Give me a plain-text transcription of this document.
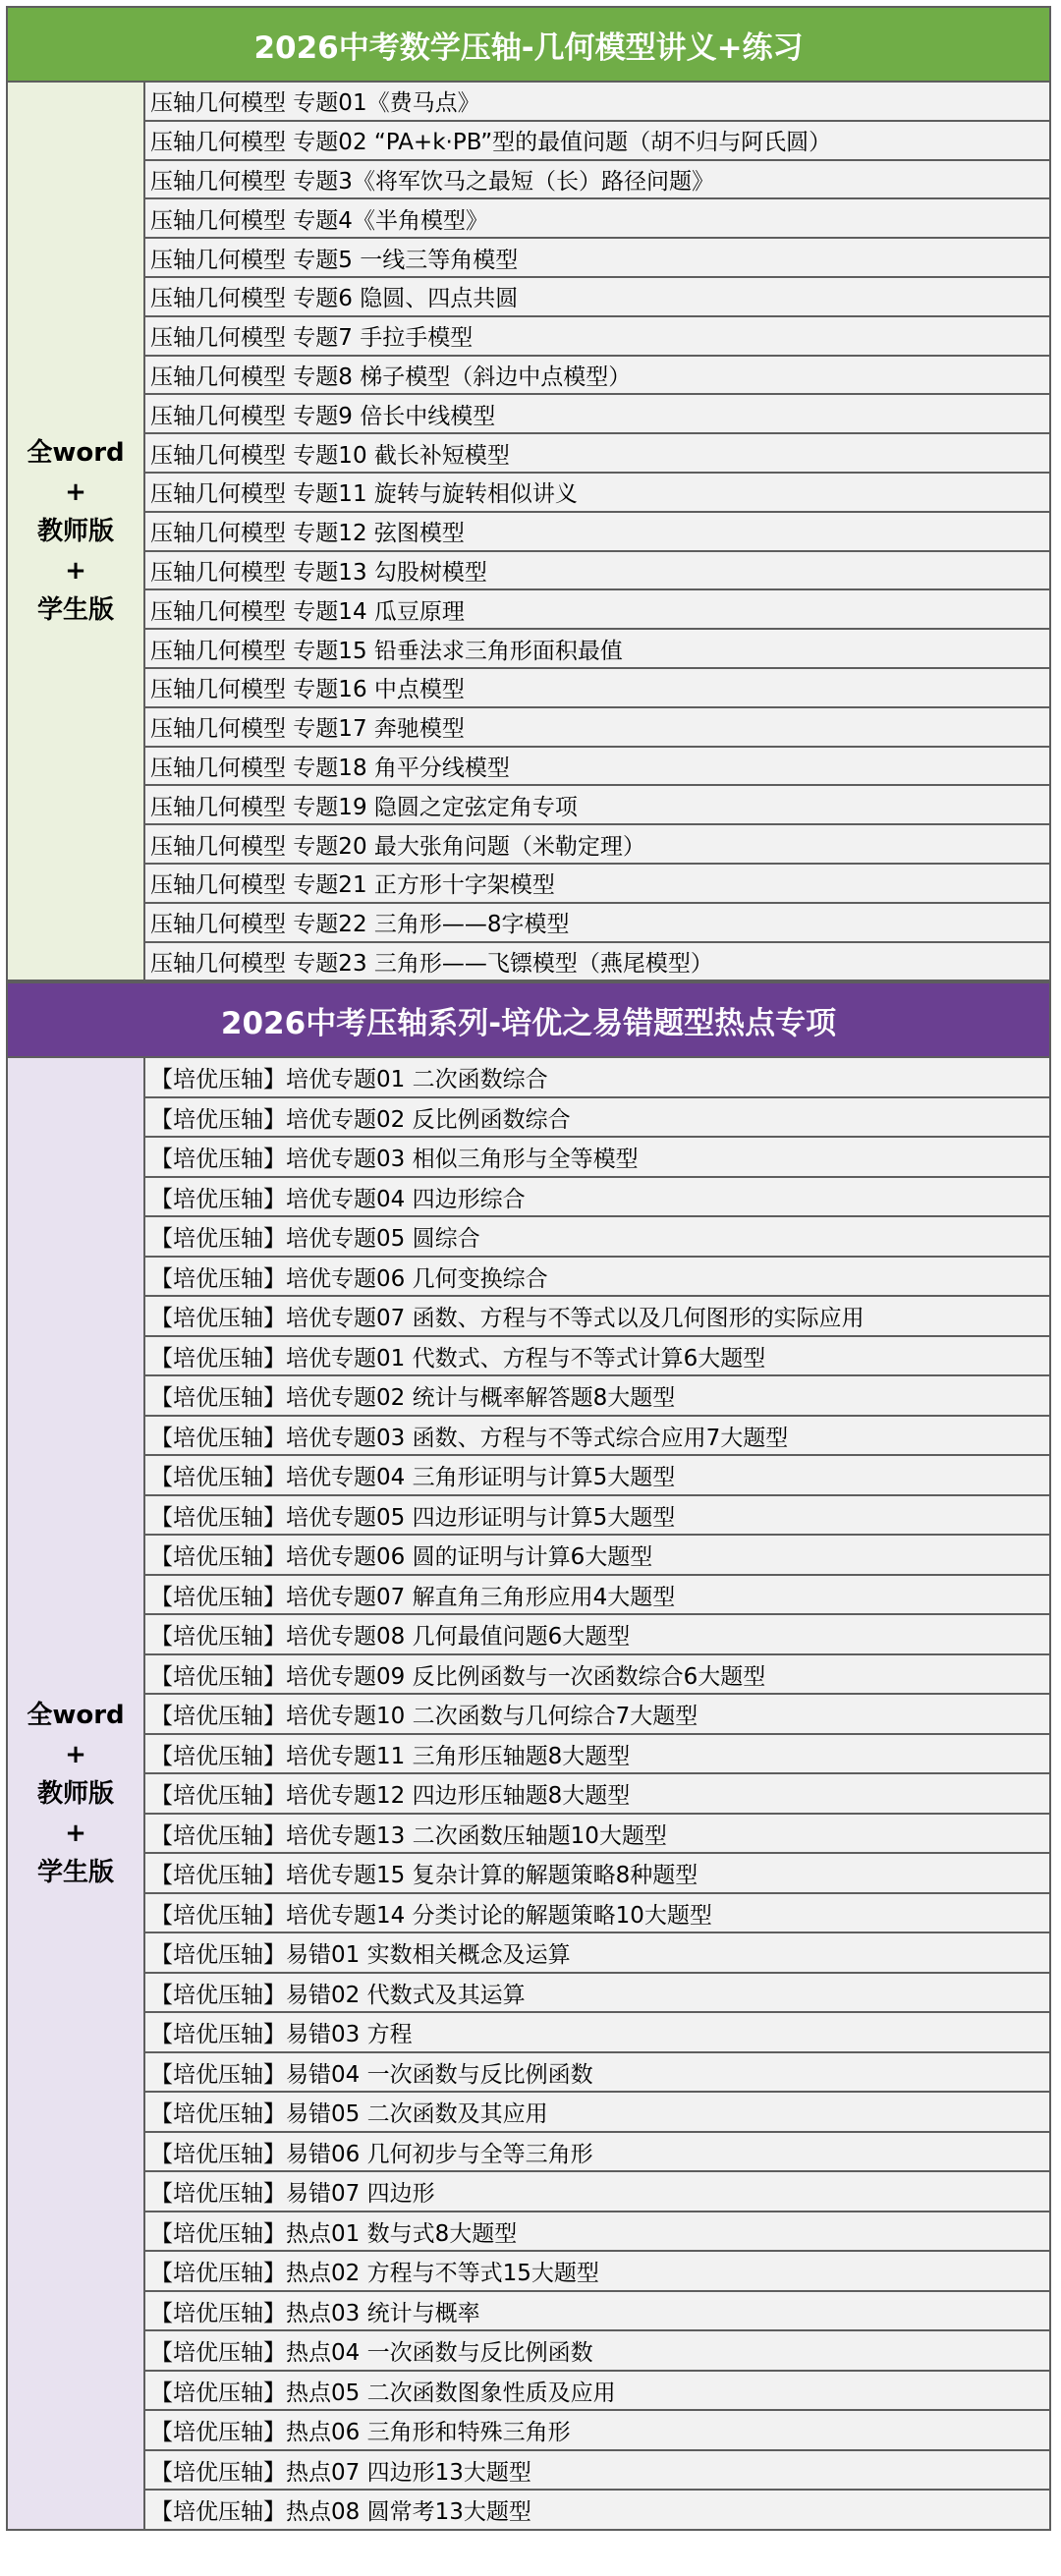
2026中考数学压轴-几何模型讲义+练习
全word
+
教师版
+
学生版
压轴几何模型 专题01《费马点》
压轴几何模型 专题02 “PA+k·PB”型的最值问题（胡不归与阿氏圆）
压轴几何模型 专题3《将军饮马之最短（长）路径问题》
压轴几何模型 专题4《半角模型》
压轴几何模型 专题5 一线三等角模型
压轴几何模型 专题6 隐圆、四点共圆
压轴几何模型 专题7 手拉手模型
压轴几何模型 专题8 梯子模型（斜边中点模型）
压轴几何模型 专题9 倍长中线模型
压轴几何模型 专题10 截长补短模型
压轴几何模型 专题11 旋转与旋转相似讲义
压轴几何模型 专题12 弦图模型
压轴几何模型 专题13 勾股树模型
压轴几何模型 专题14 瓜豆原理
压轴几何模型 专题15 铅垂法求三角形面积最值
压轴几何模型 专题16 中点模型
压轴几何模型 专题17 奔驰模型
压轴几何模型 专题18 角平分线模型
压轴几何模型 专题19 隐圆之定弦定角专项
压轴几何模型 专题20 最大张角问题（米勒定理）
压轴几何模型 专题21 正方形十字架模型
压轴几何模型 专题22 三角形——8字模型
压轴几何模型 专题23 三角形——飞镖模型（燕尾模型）
2026中考压轴系列-培优之易错题型热点专项
全word
+
教师版
+
学生版
【培优压轴】培优专题01 二次函数综合
【培优压轴】培优专题02 反比例函数综合
【培优压轴】培优专题03 相似三角形与全等模型
【培优压轴】培优专题04 四边形综合
【培优压轴】培优专题05 圆综合
【培优压轴】培优专题06 几何变换综合
【培优压轴】培优专题07 函数、方程与不等式以及几何图形的实际应用
【培优压轴】培优专题01 代数式、方程与不等式计算6大题型
【培优压轴】培优专题02 统计与概率解答题8大题型
【培优压轴】培优专题03 函数、方程与不等式综合应用7大题型
【培优压轴】培优专题04 三角形证明与计算5大题型
【培优压轴】培优专题05 四边形证明与计算5大题型
【培优压轴】培优专题06 圆的证明与计算6大题型
【培优压轴】培优专题07 解直角三角形应用4大题型
【培优压轴】培优专题08 几何最值问题6大题型
【培优压轴】培优专题09 反比例函数与一次函数综合6大题型
【培优压轴】培优专题10 二次函数与几何综合7大题型
【培优压轴】培优专题11 三角形压轴题8大题型
【培优压轴】培优专题12 四边形压轴题8大题型
【培优压轴】培优专题13 二次函数压轴题10大题型
【培优压轴】培优专题15 复杂计算的解题策略8种题型
【培优压轴】培优专题14 分类讨论的解题策略10大题型
【培优压轴】易错01 实数相关概念及运算
【培优压轴】易错02 代数式及其运算
【培优压轴】易错03 方程
【培优压轴】易错04 一次函数与反比例函数
【培优压轴】易错05 二次函数及其应用
【培优压轴】易错06 几何初步与全等三角形
【培优压轴】易错07 四边形
【培优压轴】热点01 数与式8大题型
【培优压轴】热点02 方程与不等式15大题型
【培优压轴】热点03 统计与概率
【培优压轴】热点04 一次函数与反比例函数
【培优压轴】热点05 二次函数图象性质及应用
【培优压轴】热点06 三角形和特殊三角形
【培优压轴】热点07 四边形13大题型
【培优压轴】热点08 圆常考13大题型
